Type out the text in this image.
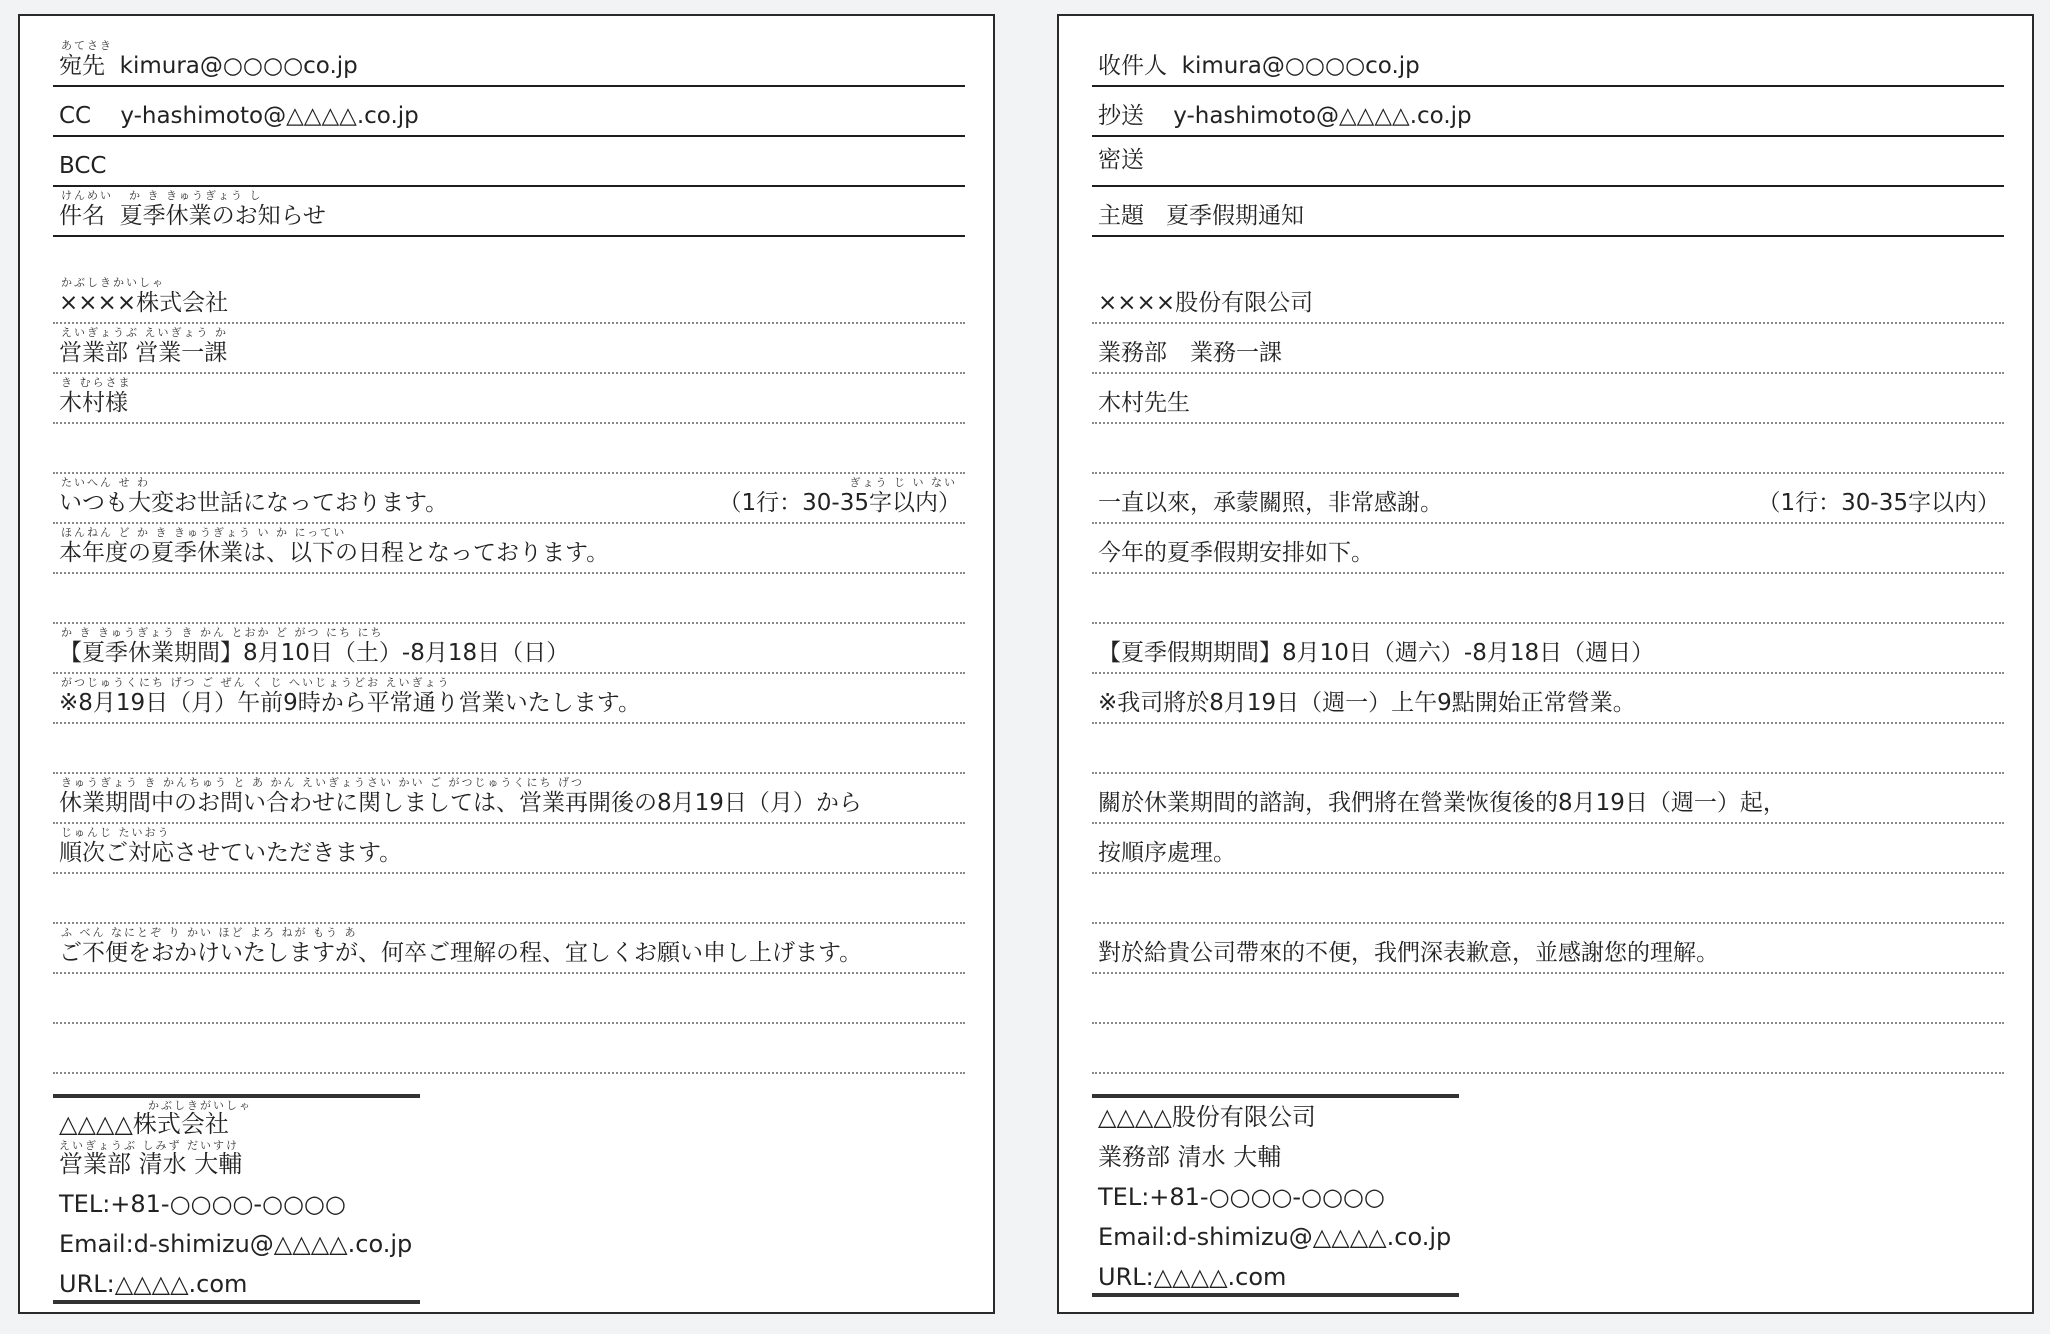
あてさき
宛先 kimura@○○○○co.jp
CC y-hashimoto@△△△△.co.jp
BCC
けんめい か き きゅうぎょう し
件名 夏季休業のお知らせ
かぶしきかいしゃ
××××株式会社
えいぎょうぶ えいぎょう か
営業部 営業一課
き むらさま
木村様
たいへん せ わ
いつも大変お世話になっております。	（1行：30-35字以内）
ぎょう じ い ない
ほんねん ど か き きゅうぎょう い か にってい
本年度の夏季休業は、以下の日程となっております。
か き きゅうぎょう き かん とおか ど がつ にち にち
【夏季休業期間】8月10日（土）-8月18日（日）
がつじゅうくにち げつ ご ぜん く じ へいじょうどお えいぎょう
※8月19日（月）午前9時から平常通り営業いたします。
きゅうぎょう き かんちゅう と あ かん えいぎょうさい かい ご がつじゅうくにち げつ
休業期間中のお問い合わせに関しましては、営業再開後の8月19日（月）から
じゅんじ たいおう
順次ご対応させていただきます。
ふ べん なにとぞ り かい ほど よろ ねが もう あ
ご不便をおかけいたしますが、何卒ご理解の程、宜しくお願い申し上げます。
かぶしきがいしゃ
△△△△株式会社
えいぎょうぶ しみず だいすけ
営業部 清水 大輔
TEL:+81-○○○○-○○○○
Email:d-shimizu@△△△△.co.jp
URL:△△△△.com
收件人 kimura@○○○○co.jp
抄送 y-hashimoto@△△△△.co.jp
密送
主題 夏季假期通知
××××股份有限公司
業務部　業務一課
木村先生
一直以來，承蒙關照，非常感謝。	（1行：30-35字以内）
今年的夏季假期安排如下。
【夏季假期期間】8月10日（週六）-8月18日（週日）
※我司將於8月19日（週一）上午9點開始正常營業。
關於休業期間的諮詢，我們將在營業恢復後的8月19日（週一）起，
按順序處理。
對於給貴公司帶來的不便，我們深表歉意，並感謝您的理解。
△△△△股份有限公司
業務部 清水 大輔
TEL:+81-○○○○-○○○○
Email:d-shimizu@△△△△.co.jp
URL:△△△△.com
